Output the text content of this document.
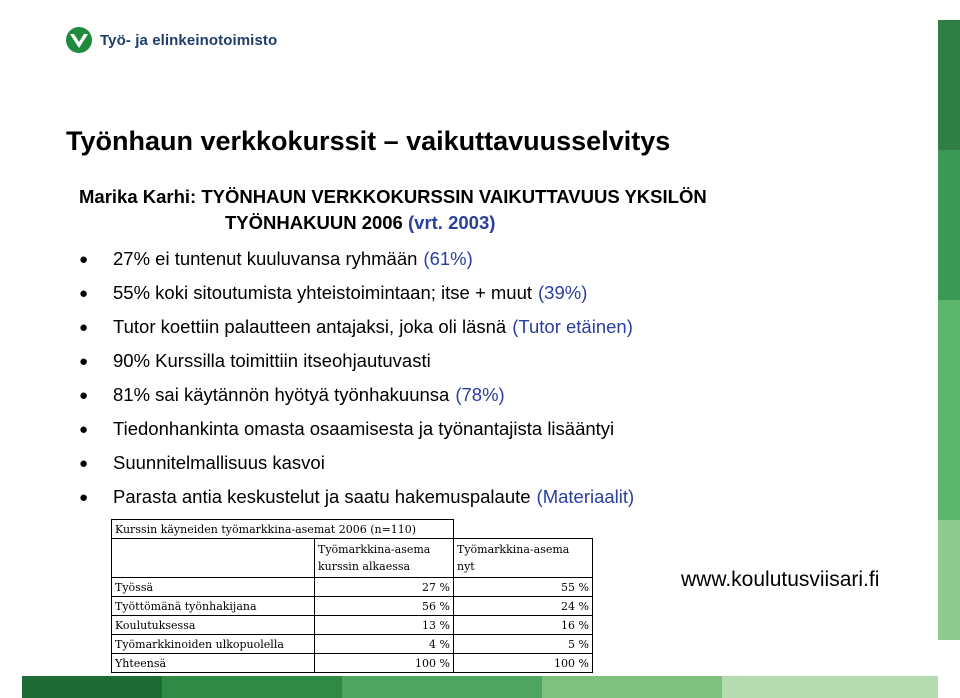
Työ- ja elinkeinotoimisto
Työnhaun verkkokurssit – vaikuttavuusselvitys
Marika Karhi: TYÖNHAUN VERKKOKURSSIN VAIKUTTAVUUS YKSILÖN
TYÖNHAKUUN 2006 (vrt. 2003)
●	27% ei tuntenut kuuluvansa ryhmään (61%)
●	55% koki sitoutumista yhteistoimintaan; itse + muut (39%)
●	Tutor koettiin palautteen antajaksi, joka oli läsnä (Tutor etäinen)
●	90% Kurssilla toimittiin itseohjautuvasti
●	81% sai käytännön hyötyä työnhakuunsa (78%)
●	Tiedonhankinta omasta osaamisesta ja työnantajista lisääntyi
●	Suunnitelmallisuus kasvoi
●	Parasta antia keskustelut ja saatu hakemuspalaute (Materiaalit)
Kurssin käyneiden työmarkkina-asemat 2006 (n=110)		
	Työmarkkina-asema kurssin alkaessa	Työmarkkina-asema nyt
Työssä	27 %	55 %
Työttömänä työnhakijana	56 %	24 %
Koulutuksessa	13 %	16 %
Työmarkkinoiden ulkopuolella	4 %	5 %
Yhteensä	100 %	100 %
www.koulutusviisari.fi
